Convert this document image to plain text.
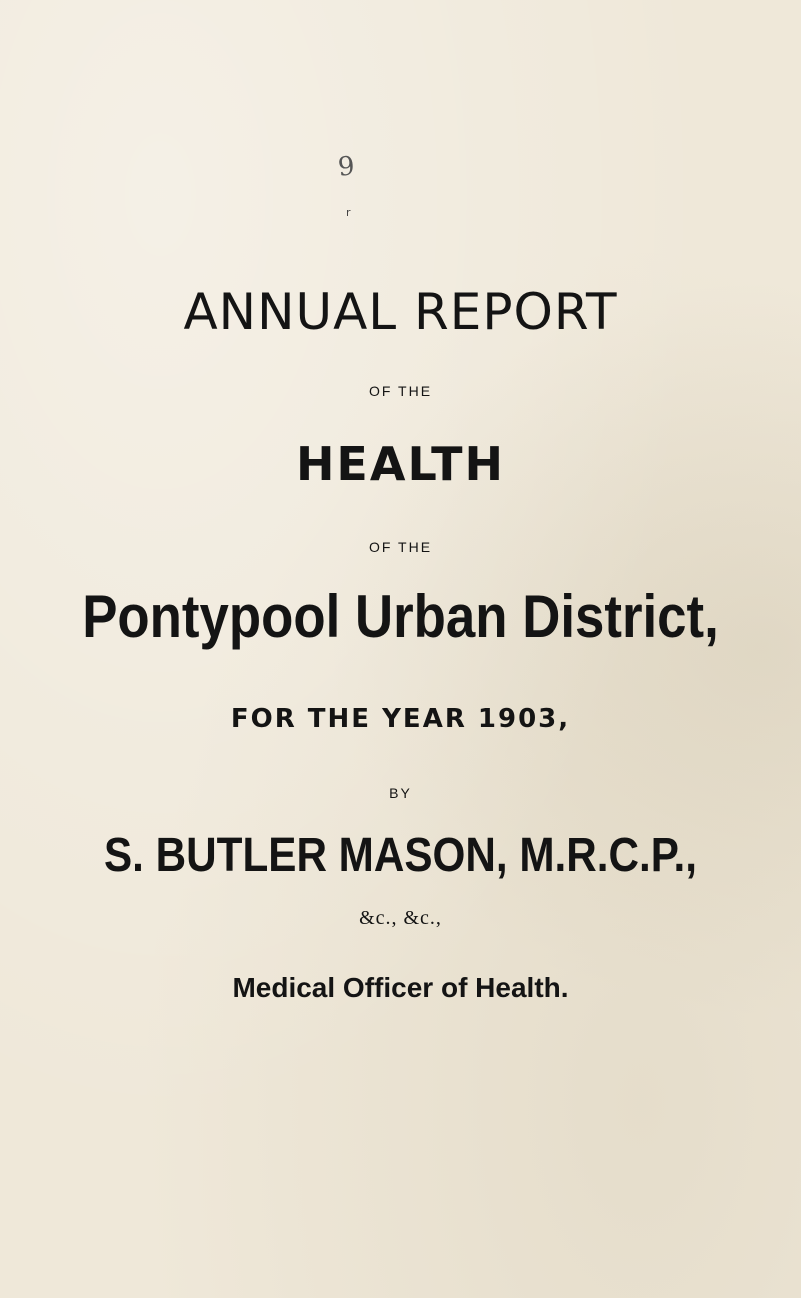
9
r
ANNUAL REPORT

OF THE

HEALTH

OF THE

Pontypool Urban District,

FOR THE YEAR 1903,

BY

S. BUTLER MASON, M.R.C.P.,

&c., &c.,

Medical Officer of Health.
